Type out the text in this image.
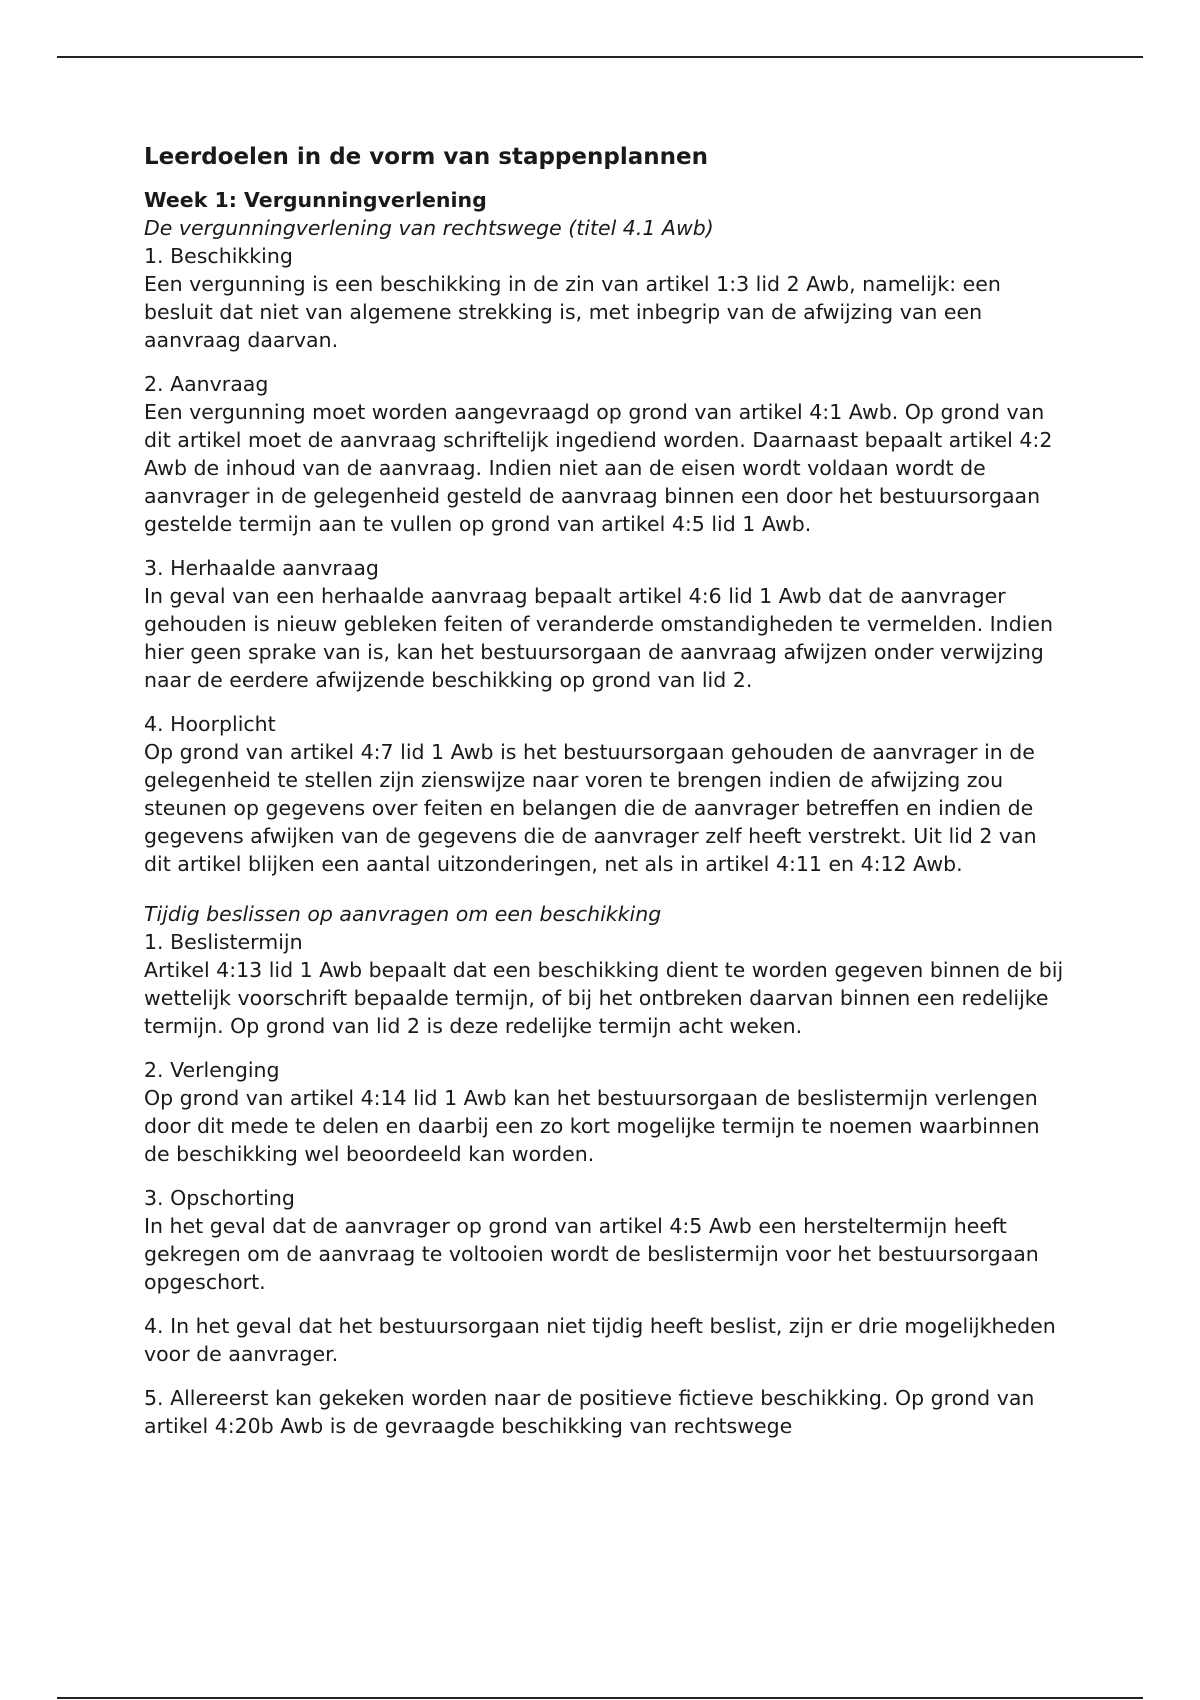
Leerdoelen in de vorm van stappenplannen
Week 1: Vergunningverlening

De vergunningverlening van rechtswege (titel 4.1 Awb)

1. Beschikking

Een vergunning is een beschikking in de zin van artikel 1:3 lid 2 Awb, namelijk: een besluit dat niet van algemene strekking is, met inbegrip van de afwijzing van een aanvraag daarvan.

2. Aanvraag

Een vergunning moet worden aangevraagd op grond van artikel 4:1 Awb. Op grond van dit artikel moet de aanvraag schriftelijk ingediend worden. Daarnaast bepaalt artikel 4:2 Awb de inhoud van de aanvraag. Indien niet aan de eisen wordt voldaan wordt de aanvrager in de gelegenheid gesteld de aanvraag binnen een door het bestuursorgaan gestelde termijn aan te vullen op grond van artikel 4:5 lid 1 Awb.

3. Herhaalde aanvraag

In geval van een herhaalde aanvraag bepaalt artikel 4:6 lid 1 Awb dat de aanvrager gehouden is nieuw gebleken feiten of veranderde omstandigheden te vermelden. Indien hier geen sprake van is, kan het bestuursorgaan de aanvraag afwijzen onder verwijzing naar de eerdere afwijzende beschikking op grond van lid 2.

4. Hoorplicht

Op grond van artikel 4:7 lid 1 Awb is het bestuursorgaan gehouden de aanvrager in de gelegenheid te stellen zijn zienswijze naar voren te brengen indien de afwijzing zou steunen op gegevens over feiten en belangen die de aanvrager betreffen en indien de gegevens afwijken van de gegevens die de aanvrager zelf heeft verstrekt. Uit lid 2 van dit artikel blijken een aantal uitzonderingen, net als in artikel 4:11 en 4:12 Awb.

Tijdig beslissen op aanvragen om een beschikking

1. Beslistermijn

Artikel 4:13 lid 1 Awb bepaalt dat een beschikking dient te worden gegeven binnen de bij wettelijk voorschrift bepaalde termijn, of bij het ontbreken daarvan binnen een redelijke termijn. Op grond van lid 2 is deze redelijke termijn acht weken.

2. Verlenging

Op grond van artikel 4:14 lid 1 Awb kan het bestuursorgaan de beslistermijn verlengen door dit mede te delen en daarbij een zo kort mogelijke termijn te noemen waarbinnen de beschikking wel beoordeeld kan worden.

3. Opschorting

In het geval dat de aanvrager op grond van artikel 4:5 Awb een hersteltermijn heeft gekregen om de aanvraag te voltooien wordt de beslistermijn voor het bestuursorgaan opgeschort.

4. In het geval dat het bestuursorgaan niet tijdig heeft beslist, zijn er drie mogelijkheden voor de aanvrager.

5. Allereerst kan gekeken worden naar de positieve fictieve beschikking. Op grond van artikel 4:20b Awb is de gevraagde beschikking van rechtswege
